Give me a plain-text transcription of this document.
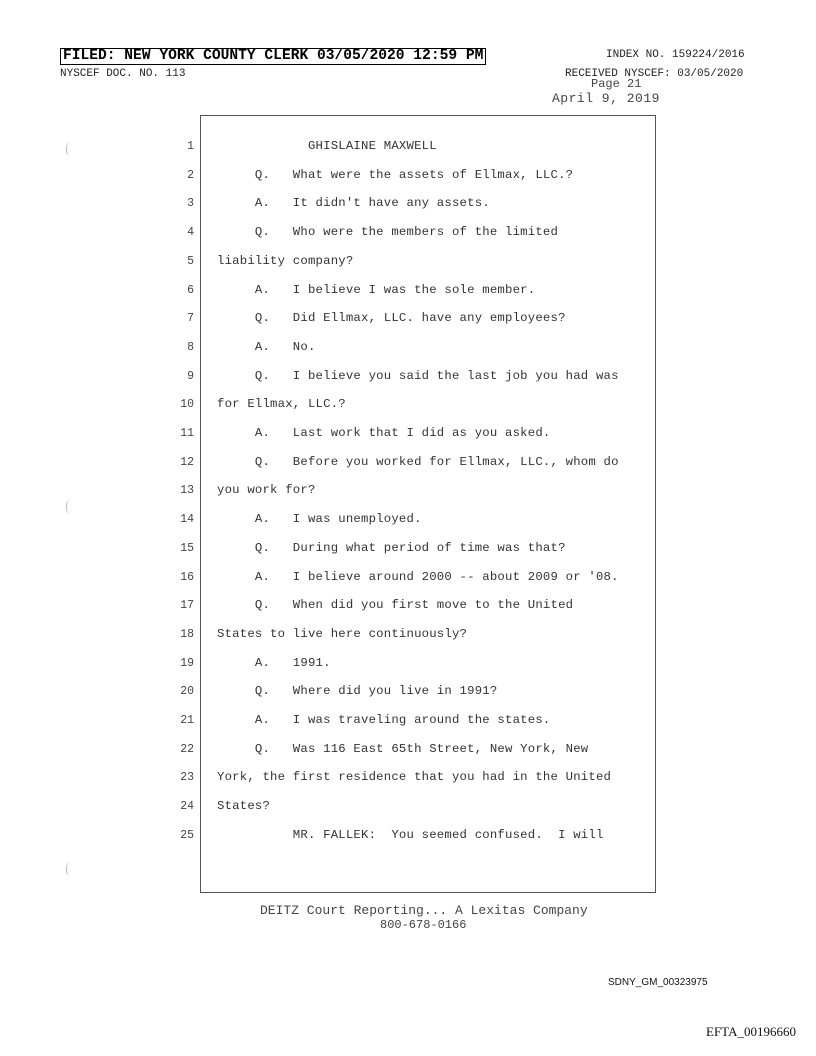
FILED: NEW YORK COUNTY CLERK 03/05/2020 12:59 PM	INDEX NO. 159224/2016
NYSCEF DOC. NO. 113	RECEIVED NYSCEF: 03/05/2020
Page 21
April 9, 2019
1 GHISLAINE MAXWELL
2 Q.   What were the assets of Ellmax, LLC.?
3 A.   It didn't have any assets.
4 Q.   Who were the members of the limited
5 liability company?
6 A.   I believe I was the sole member.
7 Q.   Did Ellmax, LLC. have any employees?
8 A.   No.
9 Q.   I believe you said the last job you had was
10 for Ellmax, LLC.?
11 A.   Last work that I did as you asked.
12 Q.   Before you worked for Ellmax, LLC., whom do
13 you work for?
14 A.   I was unemployed.
15 Q.   During what period of time was that?
16 A.   I believe around 2000 -- about 2009 or '08.
17 Q.   When did you first move to the United
18 States to live here continuously?
19 A.   1991.
20 Q.   Where did you live in 1991?
21 A.   I was traveling around the states.
22 Q.   Was 116 East 65th Street, New York, New
23 York, the first residence that you had in the United
24 States?
25 MR. FALLEK:  You seemed confused.  I will
DEITZ Court Reporting... A Lexitas Company
800-678-0166
SDNY_GM_00323975
EFTA_00196660
